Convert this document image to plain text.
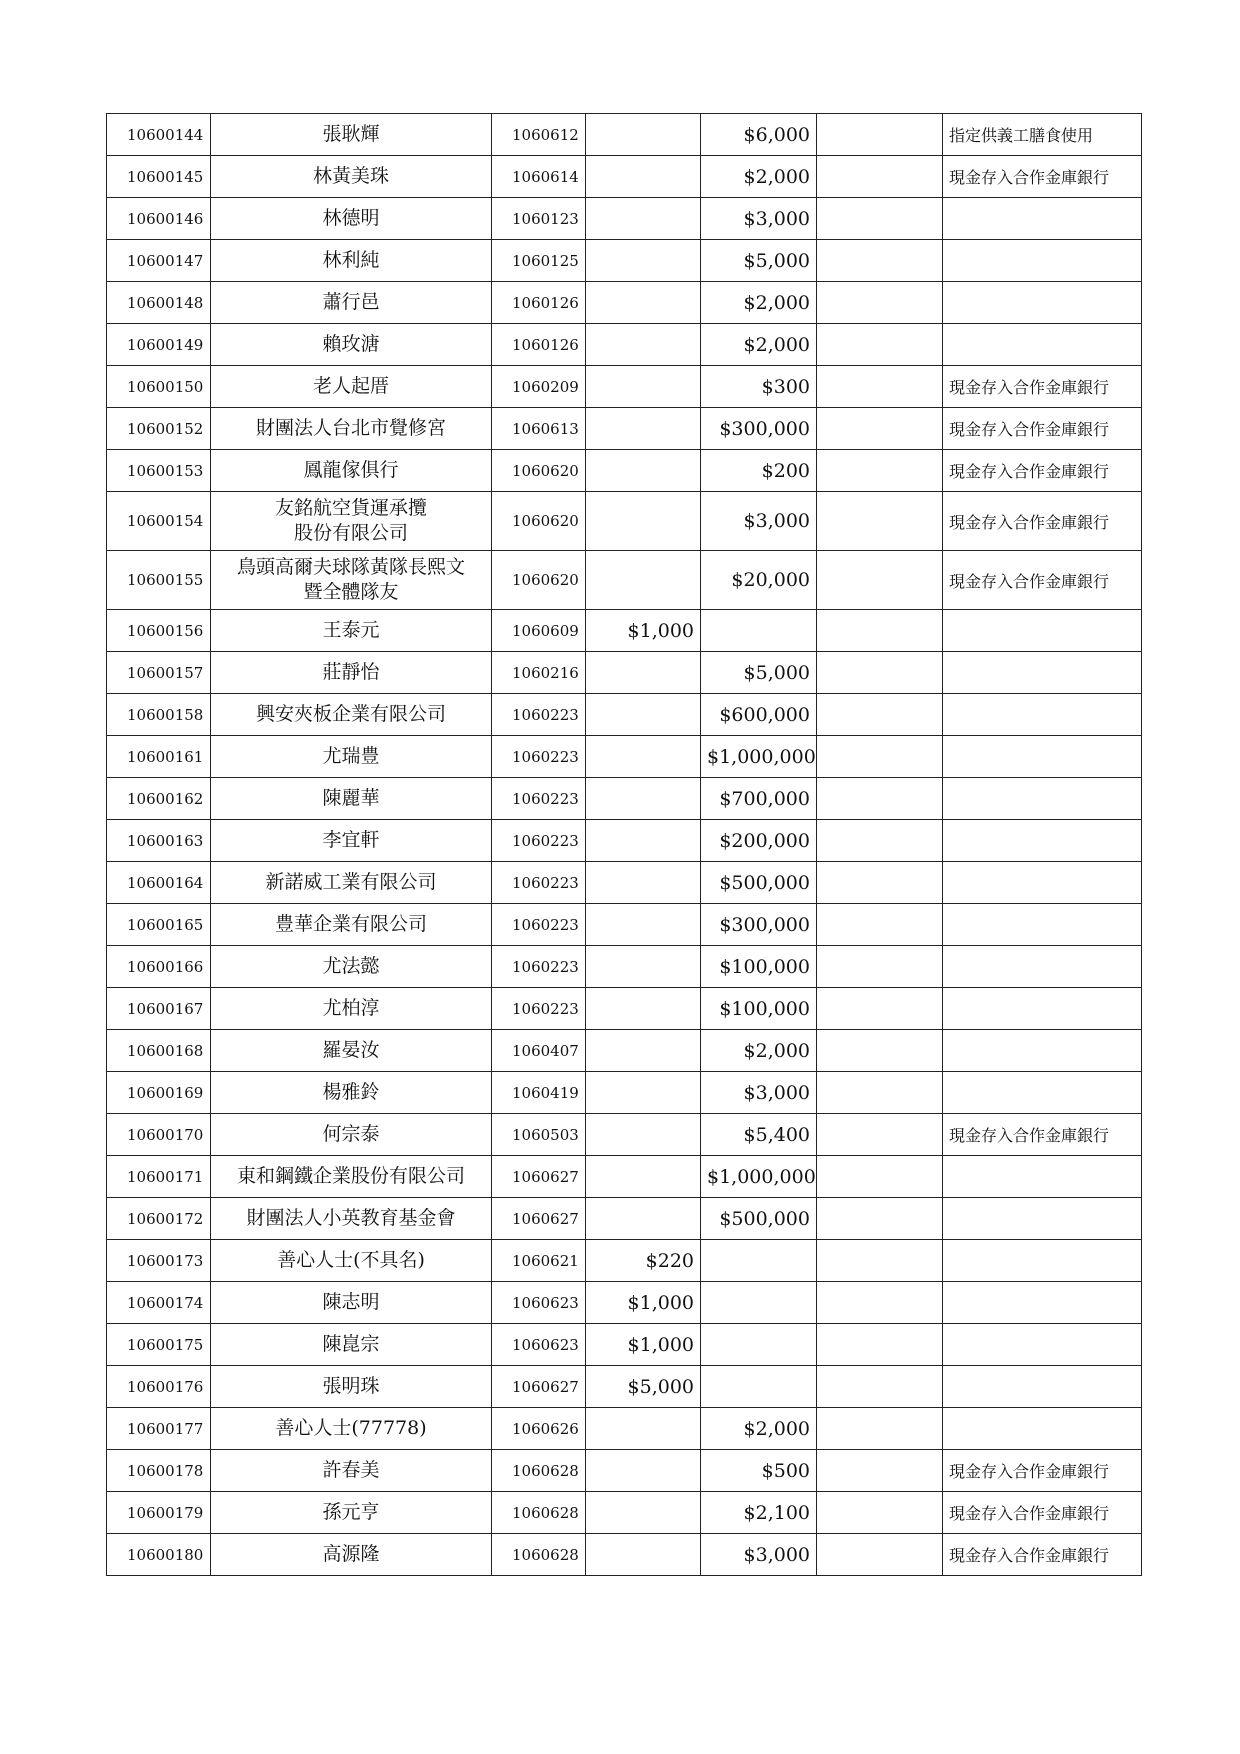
10600144	張耿輝	1060612		$6,000		指定供義工膳食使用
10600145	林黃美珠	1060614		$2,000		現金存入合作金庫銀行
10600146	林德明	1060123		$3,000		
10600147	林利純	1060125		$5,000		
10600148	蕭行邑	1060126		$2,000		
10600149	賴玫溏	1060126		$2,000		
10600150	老人起厝	1060209		$300		現金存入合作金庫銀行
10600152	財團法人台北市覺修宮	1060613		$300,000		現金存入合作金庫銀行
10600153	鳳龍傢俱行	1060620		$200		現金存入合作金庫銀行
10600154	友銘航空貨運承攬
股份有限公司	1060620		$3,000		現金存入合作金庫銀行
10600155	鳥頭高爾夫球隊黃隊長熙文
暨全體隊友	1060620		$20,000		現金存入合作金庫銀行
10600156	王泰元	1060609	$1,000			
10600157	莊靜怡	1060216		$5,000		
10600158	興安夾板企業有限公司	1060223		$600,000		
10600161	尤瑞豊	1060223		$1,000,000		
10600162	陳麗華	1060223		$700,000		
10600163	李宜軒	1060223		$200,000		
10600164	新諾威工業有限公司	1060223		$500,000		
10600165	豊華企業有限公司	1060223		$300,000		
10600166	尤法懿	1060223		$100,000		
10600167	尤柏淳	1060223		$100,000		
10600168	羅晏汝	1060407		$2,000		
10600169	楊雅鈴	1060419		$3,000		
10600170	何宗泰	1060503		$5,400		現金存入合作金庫銀行
10600171	東和鋼鐵企業股份有限公司	1060627		$1,000,000		
10600172	財團法人小英教育基金會	1060627		$500,000		
10600173	善心人士(不具名)	1060621	$220			
10600174	陳志明	1060623	$1,000			
10600175	陳崑宗	1060623	$1,000			
10600176	張明珠	1060627	$5,000			
10600177	善心人士(77778)	1060626		$2,000		
10600178	許春美	1060628		$500		現金存入合作金庫銀行
10600179	孫元亨	1060628		$2,100		現金存入合作金庫銀行
10600180	高源隆	1060628		$3,000		現金存入合作金庫銀行
